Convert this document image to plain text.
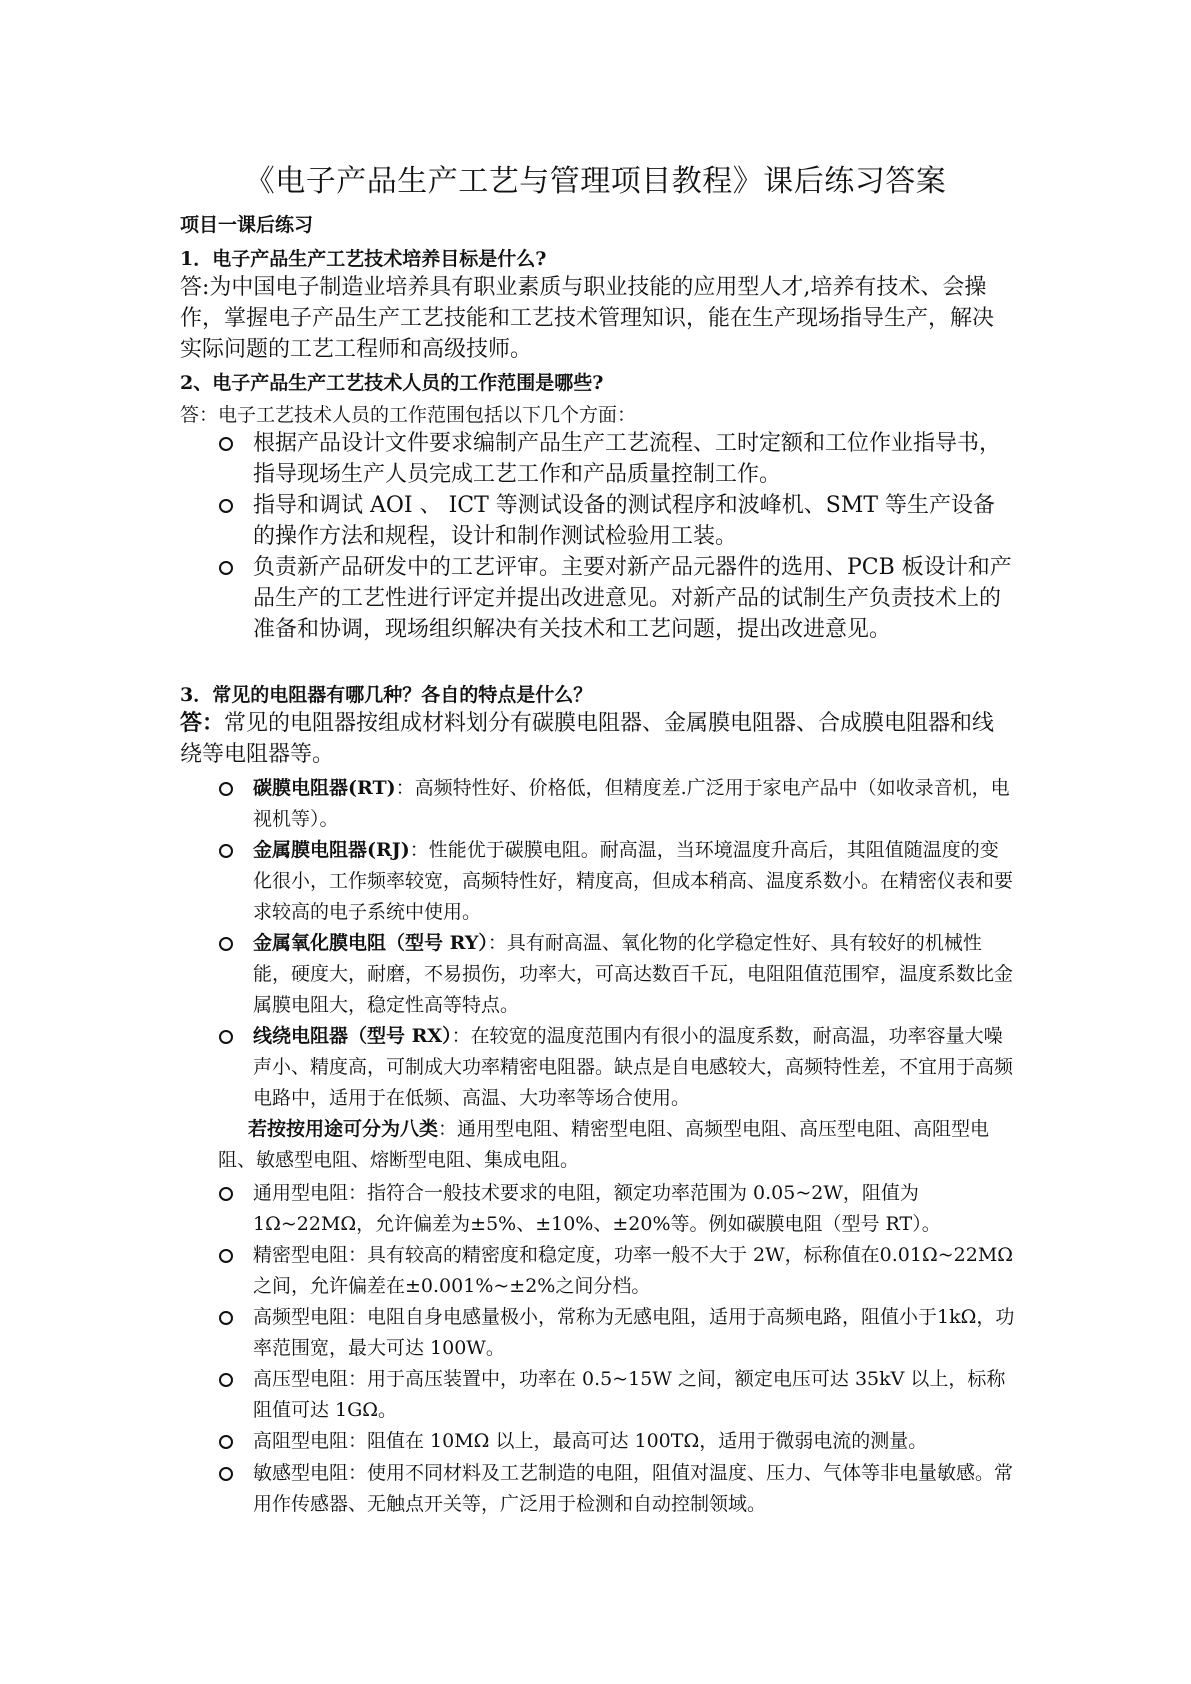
《电子产品生产工艺与管理项目教程》课后练习答案
项目一课后练习
1．电子产品生产工艺技术培养目标是什么?
答:为中国电子制造业培养具有职业素质与职业技能的应用型人才,培养有技术、会操作，掌握电子产品生产工艺技能和工艺技术管理知识，能在生产现场指导生产，解决实际问题的工艺工程师和高级技师。
2、电子产品生产工艺技术人员的工作范围是哪些?
答：电子工艺技术人员的工作范围包括以下几个方面：
根据产品设计文件要求编制产品生产工艺流程、工时定额和工位作业指导书，指导现场生产人员完成工艺工作和产品质量控制工作。
指导和调试 AOI 、 ICT 等测试设备的测试程序和波峰机、SMT 等生产设备的操作方法和规程，设计和制作测试检验用工装。
负责新产品研发中的工艺评审。主要对新产品元器件的选用、PCB 板设计和产品生产的工艺性进行评定并提出改进意见。对新产品的试制生产负责技术上的准备和协调，现场组织解决有关技术和工艺问题，提出改进意见。
3．常见的电阻器有哪几种？各自的特点是什么？
答：常见的电阻器按组成材料划分有碳膜电阻器、金属膜电阻器、合成膜电阻器和线绕等电阻器等。
碳膜电阻器(RT)：高频特性好、价格低，但精度差.广泛用于家电产品中（如收录音机，电视机等）。
金属膜电阻器(RJ)：性能优于碳膜电阻。耐高温，当环境温度升高后，其阻值随温度的变化很小，工作频率较宽，高频特性好，精度高，但成本稍高、温度系数小。在精密仪表和要求较高的电子系统中使用。
金属氧化膜电阻（型号 RY）：具有耐高温、氧化物的化学稳定性好、具有较好的机械性能，硬度大，耐磨，不易损伤，功率大，可高达数百千瓦，电阻阻值范围窄，温度系数比金属膜电阻大，稳定性高等特点。
线绕电阻器（型号 RX）：在较宽的温度范围内有很小的温度系数，耐高温，功率容量大噪声小、精度高，可制成大功率精密电阻器。缺点是自电感较大，高频特性差，不宜用于高频电路中，适用于在低频、高温、大功率等场合使用。
若按按用途可分为八类：通用型电阻、精密型电阻、高频型电阻、高压型电阻、高阻型电阻、敏感型电阻、熔断型电阻、集成电阻。
通用型电阻：指符合一般技术要求的电阻，额定功率范围为 0.05~2W，阻值为1Ω~22MΩ，允许偏差为±5%、±10%、±20%等。例如碳膜电阻（型号 RT）。
精密型电阻：具有较高的精密度和稳定度，功率一般不大于 2W，标称值在0.01Ω~22MΩ之间，允许偏差在±0.001%~±2%之间分档。
高频型电阻：电阻自身电感量极小，常称为无感电阻，适用于高频电路，阻值小于1kΩ，功率范围宽，最大可达 100W。
高压型电阻：用于高压装置中，功率在 0.5~15W 之间，额定电压可达 35kV 以上，标称阻值可达 1GΩ。
高阻型电阻：阻值在 10MΩ 以上，最高可达 100TΩ，适用于微弱电流的测量。
敏感型电阻：使用不同材料及工艺制造的电阻，阻值对温度、压力、气体等非电量敏感。常用作传感器、无触点开关等，广泛用于检测和自动控制领域。
